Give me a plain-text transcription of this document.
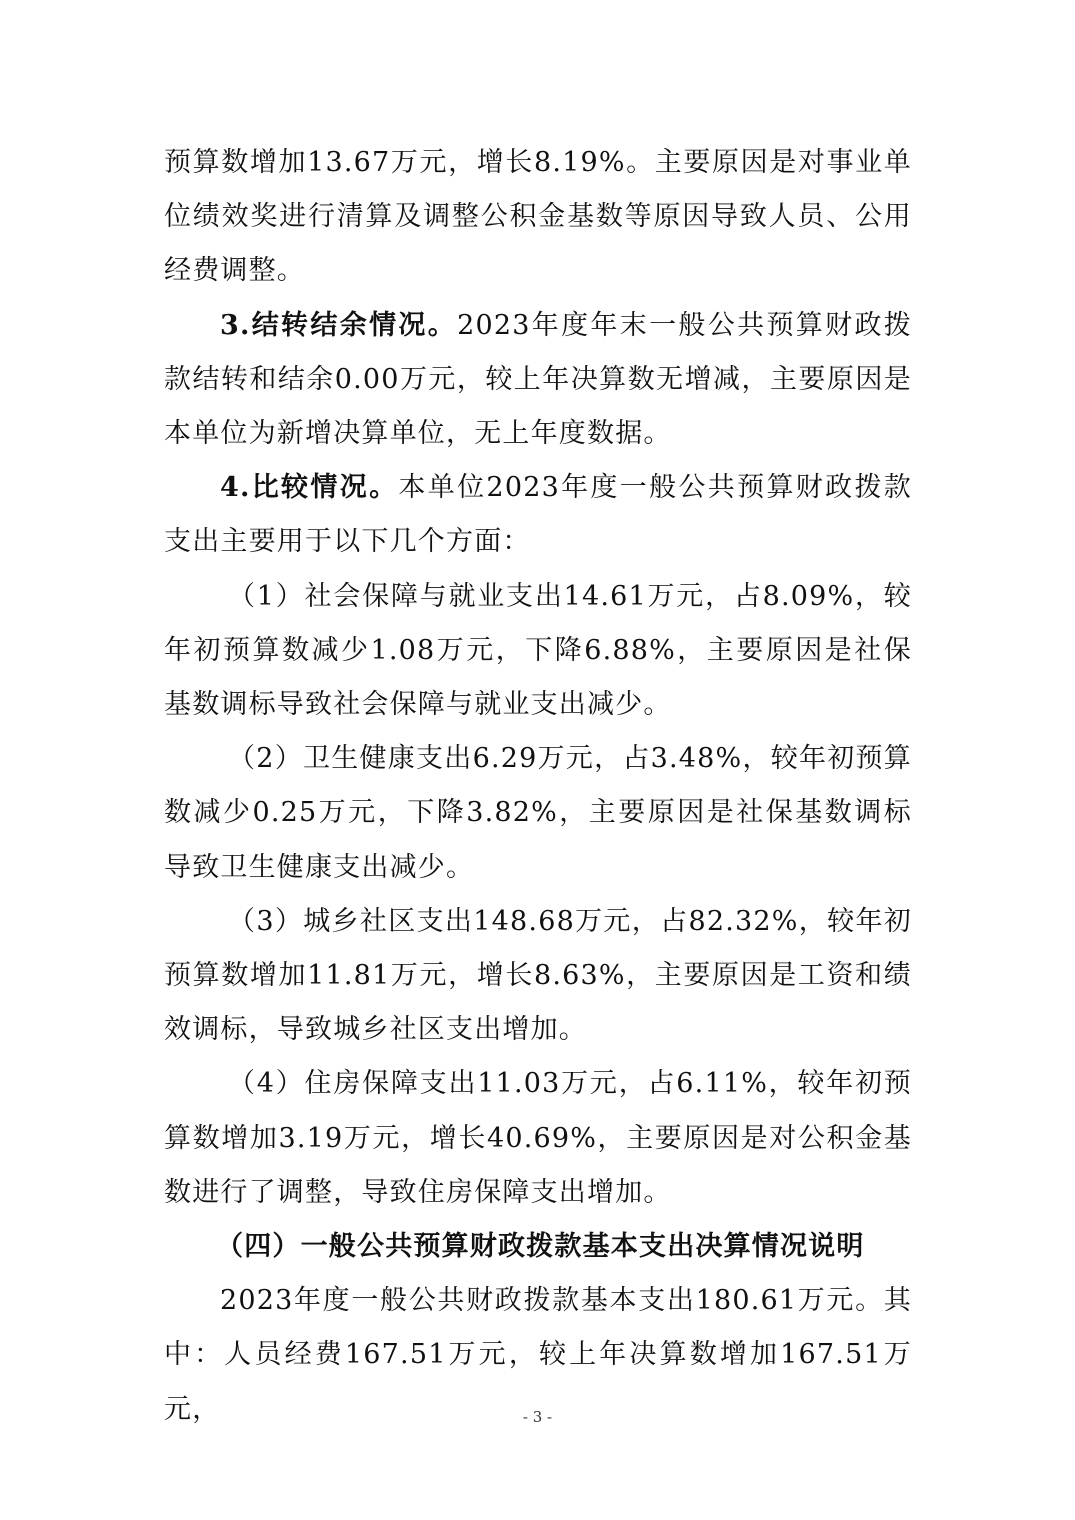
预算数增加13.67万元，增长8.19%。主要原因是对事业单位绩效奖进行清算及调整公积金基数等原因导致人员、公用经费调整。

3.结转结余情况。2023年度年末一般公共预算财政拨款结转和结余0.00万元，较上年决算数无增减，主要原因是本单位为新增决算单位，无上年度数据。

4.比较情况。本单位2023年度一般公共预算财政拨款支出主要用于以下几个方面：

（1）社会保障与就业支出14.61万元，占8.09%，较年初预算数减少1.08万元，下降6.88%，主要原因是社保基数调标导致社会保障与就业支出减少。

（2）卫生健康支出6.29万元，占3.48%，较年初预算数减少0.25万元，下降3.82%，主要原因是社保基数调标导致卫生健康支出减少。

（3）城乡社区支出148.68万元，占82.32%，较年初预算数增加11.81万元，增长8.63%，主要原因是工资和绩效调标，导致城乡社区支出增加。

（4）住房保障支出11.03万元，占6.11%，较年初预算数增加3.19万元，增长40.69%，主要原因是对公积金基数进行了调整，导致住房保障支出增加。

（四）一般公共预算财政拨款基本支出决算情况说明

2023年度一般公共财政拨款基本支出180.61万元。其中：人员经费167.51万元，较上年决算数增加167.51万元，	- 3 -
